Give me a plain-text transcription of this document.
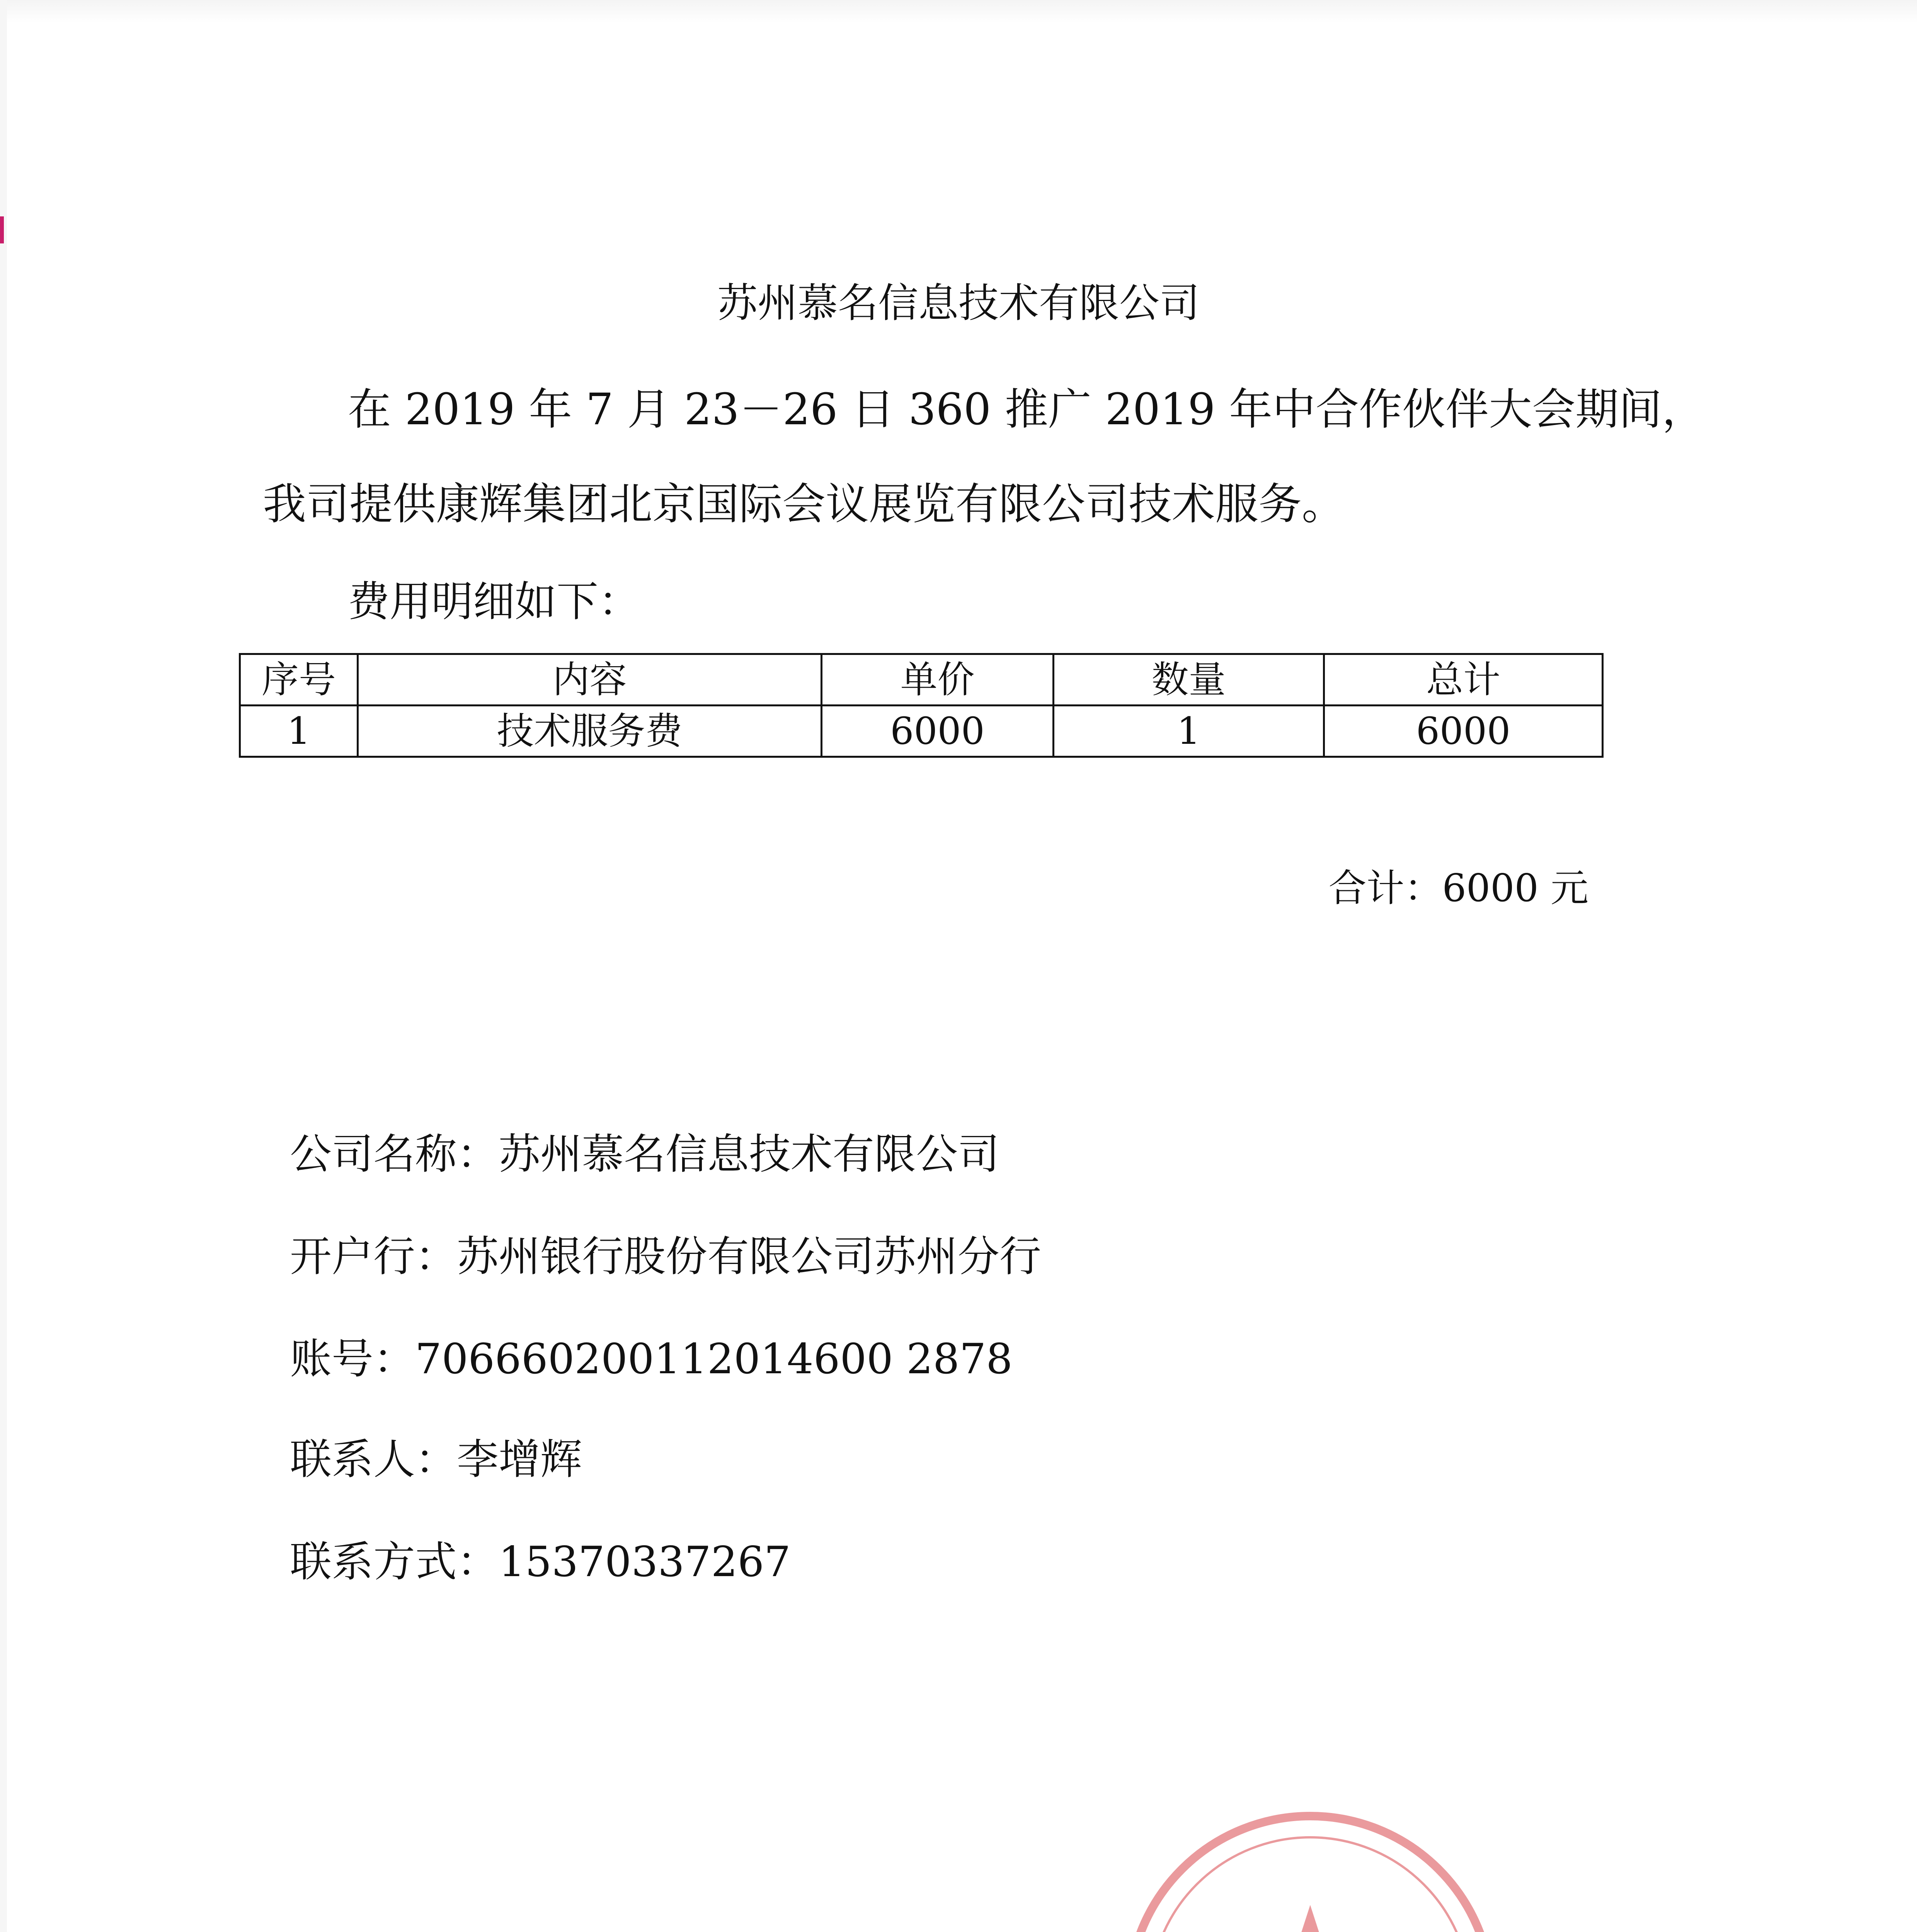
苏州慕名信息技术有限公司
在 2019 年 7 月 23－26 日 360 推广 2019 年中合作伙伴大会期间，
我司提供康辉集团北京国际会议展览有限公司技术服务。
费用明细如下：
序号	内容	单价	数量	总计
1	技术服务费	6000	1	6000
合计：6000 元
公司名称：苏州慕名信息技术有限公司
开户行：苏州银行股份有限公司苏州分行
账号：706660200112014600 2878
联系人：李增辉
联系方式：15370337267
